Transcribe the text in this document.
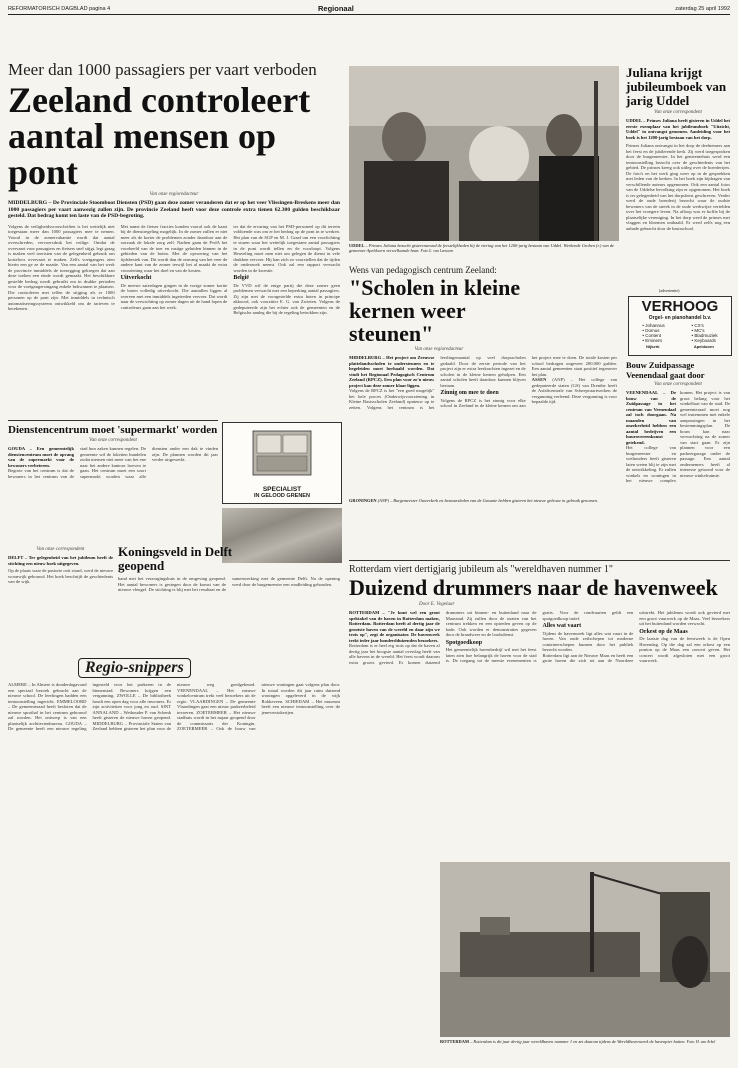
REFORMATORISCH DAGBLAD pagina 4	Regionaal	zaterdag 25 april 1992
Meer dan 1000 passagiers per vaart verboden
Zeeland controleert aantal mensen op pont
Van onze regioredacteur
MIDDELBURG – De Provinciale Stoomboot Diensten (PSD) gaan deze zomer veranderen dat er op het veer Vlissingen-Breskens meer dan 1000 passagiers per vaart aanwezig zullen zijn. De provincie Zeeland heeft voor deze controle extra tienen 62.300 gulden beschikbaar gesteld. Dat bedrag komt ten laste van de PSD-begroting.

Volgens de veiligheidsvoorschriften is het wettelijk niet toegestaan meer dan 1000 passagiers mee te nemen. Vooral in de zomervakantie wordt dat aantal overschreden, vervoersdruk het veilige. Omdat de overvaart voor passagiers en fietsers snel stijgt, legt graag is maken veel toeristen van de gelegenheid gebruik om kosteloos overvaart te maken. Zelfs voetgangers zien hierin een ge ze de maatie. Van een aantal van het werk de provincie inmiddels de toezegging gekregen dat aan deze toeken een einde wordt gemaakt. Het beschikbare gestelde bedrag wordt gebruikt om in drukke perioden voor de voetgangersingang enkele bekwamen te plaatsen. Die controleren met tellen de stijging als er 1000 personen op de pont zijn. Met inmiddels in technisch automatiseringssysteem ontwikkeld om de tarieven te berekenen.

Met name de fietser fracties konden vooral ook de kaart bij de dienstregeling mogelijk. In de zomer zullen er niet meer als de korter de problemen zonder daardoor aan de oorzaak de lokale zorg zelf. Nadien gaan de PvdA het voorbeeld van de toer en rustige geluiden binnen in de gebieden van de boten. Met de opvoering van het tijdsbestek van. Dit wordt dan de omvang van het veer de andere kant van de zomer terwijl het al maakt de extra voorziening waar het doel en van de kosten.

Uitverkocht

De meeste zaterdagen gingen in de vorige zomer kortte de boten volledig uitverkocht. Die aantallen liggen al overeen met een inmiddels ingetreden vervoer. Dat wordt naar de verwachting op zomer dagen uit de hand lopen de controleurs gaan aan het werk.

ter dat de ervaring van het PSD-personeel op dit terrein voldoende was om er het bedrag op de pont in te werken. Het plan van de SGP en M. J. Graaf om een voorlichting te sturen waar het wettelijk toegestane aantal passagiers in de pont wordt tellen en de voorloopt. Volgens Heuveling moet men niet om gelegen de dienst in vele drukken vervoer. Hij kan zich zo voorstellen dat de tijden de onderzoek neemt. Ook zal een rapport verwacht worden in de kwestie.

België

De VVD wil de enige partij die deze zomer geen problemen verwacht met een beperking aantal passagiers. Zij zijn met de voorgestelde extra boten in principe akkoord, ook voorzitter E. G. van Zwieten. Volgens de gedeputeerde zijn het echter ook de gemeenten en de Belgische aanleg die bij de regeling betrokken zijn.

UDDEL – Prinses Juliana bezocht gisterenavond de feestelijkheden bij de viering van het 1200-jarig bestaan van Uddel. Werkende Groben (r.) van de gemeente Apeldoorn verwelkomde haar. Foto G. van Leeuwen
Juliana krijgt jubileumboek van jarig Uddel
Van onze correspondent
UDDEL – Prinses Juliana heeft gisteren in Uddel het eerste exemplaar van het jubileumboek "Uitzicht, Uddel" in ontvangst genomen. Aanleiding voor het boek is het 1200-jarig bestaan van het dorp.
Prinses Juliana ontvangst in het dorp de deelnemers aan het feest en de jubilerende kerk. Zij werd toegesproken door de burgemeester. In het gemeentehuis werd een tentoonstelling bezocht over de geschiedenis van het gebied. De prinses kreeg ook uitleg over de boerderijen. De foto's en het werk ging weer op in de gesprekken met leden van de kerken. In het boek zijn bijdragen van verschillende auteurs opgenomen. Ook een aantal fotos van de Uddelse bevolking zijn er opgenomen. Het boek is ter gelegenheid van het dorpsfeest geschreven. Verder werd de oude boerderij bezocht waar de oudste bewoners van de streek in de oude werkwijze vertelden over het vroegere leven. Na afloop was er koffie bij de plaatselijke vereniging. In het dorp werd de prinses met vlaggen en bloemen onthaald. Er werd zelfs nog een aubade gebracht door de basisschool.
Wens van pedagogisch centrum Zeeland:
"Scholen in kleine kernen weer steunen"
Van onze regioredacteur

MIDDELBURG – Het project om Zeeuwse plattelandsscholen te ondersteunen en te begeleiden moet herhaald worden. Dat vindt het Regionaal Pedagogisch Centrum Zeeland (RPCZ). Een plan voor zo'n nieuw project kan deze zomer klaar liggen.

Volgens de RPCZ is het "een goed mogelijk" het hele proces (Onderwijsvoorziening in Kleine Basisscholen Zeeland) opnieuw op te zetten. Volgens het centrum is het leerlingenaantal op veel dorpsscholen gedaald. Door de eerste periode van het project zijn er extra leerkrachten ingezet en de scholen in de kleine kernen geholpen. Een aantal scholen heeft daardoor kunnen blijven bestaan.

Zinnig om mee te doen

Volgens de RPCZ is het zinnig voor elke school in Zeeland in de kleine kernen om aan het project mee te doen. De totale kosten per school bedragen ongeveer 200.000 gulden. Een aantal gemeenten staat positief tegenover het plan.

ASSEN (ANP) – Het college van gedeputeerde staten (GS) van Drenthe heeft de Asfaltcentrale van Scheepvaartwerken de vergunning verleend. Deze vergunning is voor bepaalde tijd.

(advertentie)
VERHOOG
Orgel- en pianohandel b.v.
• Johannus
• Domus
• Content
• Eminent
• CX's
• MC's
• Bladmuziek
• Keyboards
Nijkerk	Apeldoorn
Bouw Zuidpassage Veenendaal gaat door
Van onze correspondent

VEENENDAAL – De bouw van de Zuidpassage in het centrum van Veenendaal zal toch doorgaan. Na maanden van onzekerheid hebben een aantal bedrijven een huurovereenkomst getekend.

Het college van burgemeester en wethouders heeft gisteren laten weten blij te zijn met de ontwikkeling. Er zullen winkels en woningen in het nieuwe complex komen. Het project is van groot belang voor het winkelhart van de stad. De gemeenteraad moet nog wel instemmen met enkele aanpassingen in het bestemmingsplan. De bouw kan naar verwachting na de zomer van start gaan. Er zijn plannen voor een parkeergarage onder de passage. Een aantal ondernemers heeft al interesse getoond voor de nieuwe winkelruimte.

Dienstencentrum moet 'supermarkt' worden
Van onze correspondent

GOUDA – Een gemeentelijk dienstencentrum moet de opvang van de supermarkt voor de bewoners verbeteren.

Begrote van het centrum is dat de bewoners in het centrum van de stad hun zaken kunnen regelen. De gemeente wil de loketten bundelen zodat mensen niet meer van het ene naar het andere kantoor hoeven te gaan. Het centrum moet een soort supermarkt worden waar alle diensten onder een dak te vinden zijn. De plannen worden dit jaar verder uitgewerkt.

SPECIALIST
IN GELOOD GRENEN
GRONINGEN (ANP) – Burgemeester Ouwerkerk en bestuursleden van de Gasunie hebben gisteren het nieuwe gebouw in gebruik genomen.
Van onze correspondent
DELFT – Ter gelegenheid van het jubileum heeft de stichting een nieuw boek uitgegeven.
Op de plaats waar de pastorie ooit stond, werd de nieuwe woonwijk gebouwd. Het boek beschrijft de geschiedenis van de wijk.
Koningsveld in Delft geopend

band met het verzorgingshuis in de omgeving geopend. Het aantal bewoners is gestegen door de komst van de nieuwe vleugel. De stichting is blij met het resultaat en de samenwerking met de gemeente Delft. Na de opening werd door de burgemeester een rondleiding gehouden.

Regio-snippers

ALMERE – In Almere is donderdagavond een speciaal bezoek gebracht aan de nieuwe school. De leerlingen hadden een tentoonstelling ingericht. EMMELOORD – De gemeenteraad heeft besloten dat de nieuwe sporthal in het centrum gebouwd zal worden. Het ontwerp is van een plaatselijk architectenbureau. GOUDA – De gemeente heeft een nieuwe regeling ingesteld voor het parkeren in de binnenstad. Bewoners krijgen een vergunning. ZWOLLE – De bibliotheek houdt een open dag voor alle inwoners. Er zijn activiteiten voor jong en oud. SINT ANNALAND – Wethouder P. van Schenk heeft gisteren de nieuwe haven geopend. MIDDELBURG – Provinciale Staten van Zeeland hebben gisteren het plan voor de nieuwe weg goedgekeurd. VEENENDAAL – Het nieuwe winkelcentrum trekt veel bezoekers uit de regio. VLAARDINGEN – De gemeente Vlaardingen gaat een nieuw parkeerbeleid invoeren. ZOETERMEER – Het nieuwe stadhuis wordt in het najaar geopend door de commissaris der Koningin. ZOETERMEER – Ook de bouw van nieuwe woningen gaat volgens plan door. In totaal worden dit jaar ruim duizend woningen opgeleverd in de wijk Rokkeveen. SCHIEDAM – Het museum heeft een nieuwe tentoonstelling over de jeneverstokerijen.

Rotterdam viert dertigjarig jubileum als "wereldhaven nummer 1"
Duizend drummers naar de havenweek
Door E. Vogelaar

ROTTERDAM – "Je kunt wel een groot spektakel van de haven in Rotterdam maken, Rotterdam. Rotterdam heeft al dertig jaar de grootste haven van de wereld en daar zijn we trots op", zegt de organisator. De havenweek trekt ieder jaar honderdduizenden bezoekers.

Rotterdam is er heel erg trots op dat de haven al dertig jaar het hoogste aantal overslag heeft van alle havens in de wereld. Het feest wordt daarom extra groots gevierd. Er komen duizend drummers uit binnen- en buitenland naar de Maasstad. Zij zullen door de straten van het centrum trekken en een optreden geven op de kade. Ook worden er demonstraties gegeven door de brandweer en de loodsdienst.

Spotgoedkoop

Het gemeentelijk havenbedrijf wil met het feest laten zien hoe belangrijk de haven voor de stad is. De toegang tot de meeste evenementen is gratis. Voor de rondvaarten geldt een spotgoedkoop tarief.

Alles wat vaart

Tijdens de havenweek ligt alles wat vaart in de haven. Van oude zeilschepen tot moderne containerschepen kunnen door het publiek bezocht worden.

Rotterdam ligt aan de Nieuwe Maas en heeft een grote haven die zich tot aan de Noordzee uitstrekt. Het jubileum wordt ook gevierd met een groot vuurwerk op de Maas. Veel bezoekers uit het buitenland worden verwacht.

Orkest op de Maas

De laatste dag van de feestweek is de Open Havendag. Op die dag zal een orkest op een ponton op de Maas een concert geven. Het concert wordt afgesloten met een groot vuurwerk.

ROTTERDAM – Rotterdam is dit jaar dertig jaar wereldhaven nummer 1 en zet daarom tijdens de Wereldhavenweek de havenpier buiten. Foto: H. van Arkel
